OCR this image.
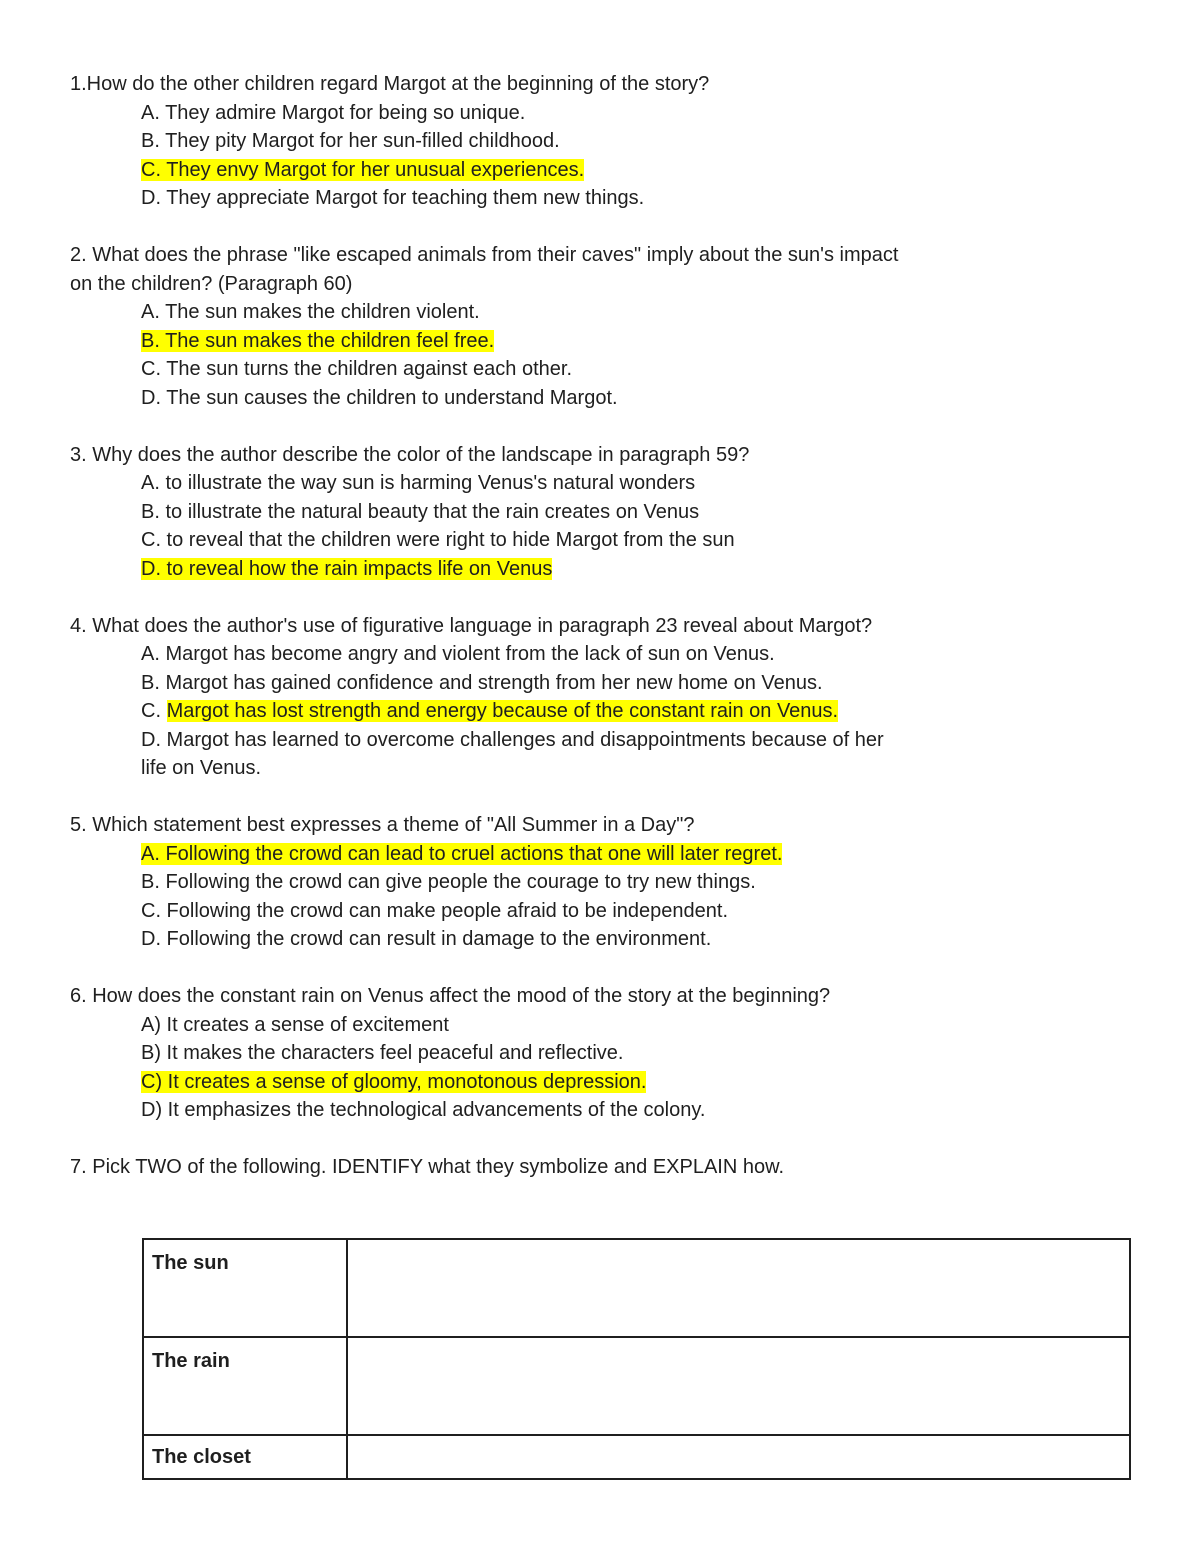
1.How do the other children regard Margot at the beginning of the story?
A. They admire Margot for being so unique.
B. They pity Margot for her sun-filled childhood.
C. They envy Margot for her unusual experiences.
D. They appreciate Margot for teaching them new things.
2. What does the phrase "like escaped animals from their caves" imply about the sun's impact on the children? (Paragraph 60)
A. The sun makes the children violent.
B. The sun makes the children feel free.
C. The sun turns the children against each other.
D. The sun causes the children to understand Margot.
3. Why does the author describe the color of the landscape in paragraph 59?
A. to illustrate the way sun is harming Venus's natural wonders
B. to illustrate the natural beauty that the rain creates on Venus
C. to reveal that the children were right to hide Margot from the sun
D. to reveal how the rain impacts life on Venus
4. What does the author's use of figurative language in paragraph 23 reveal about Margot?
A. Margot has become angry and violent from the lack of sun on Venus.
B. Margot has gained confidence and strength from her new home on Venus.
C. Margot has lost strength and energy because of the constant rain on Venus.
D. Margot has learned to overcome challenges and disappointments because of her life on Venus.
5. Which statement best expresses a theme of "All Summer in a Day"?
A. Following the crowd can lead to cruel actions that one will later regret.
B. Following the crowd can give people the courage to try new things.
C. Following the crowd can make people afraid to be independent.
D. Following the crowd can result in damage to the environment.
6. How does the constant rain on Venus affect the mood of the story at the beginning?
A) It creates a sense of excitement
B) It makes the characters feel peaceful and reflective.
C) It creates a sense of gloomy, monotonous depression.
D) It emphasizes the technological advancements of the colony.
7. Pick TWO of the following. IDENTIFY what they symbolize and EXPLAIN how.
The sun	
The rain	
The closet	
